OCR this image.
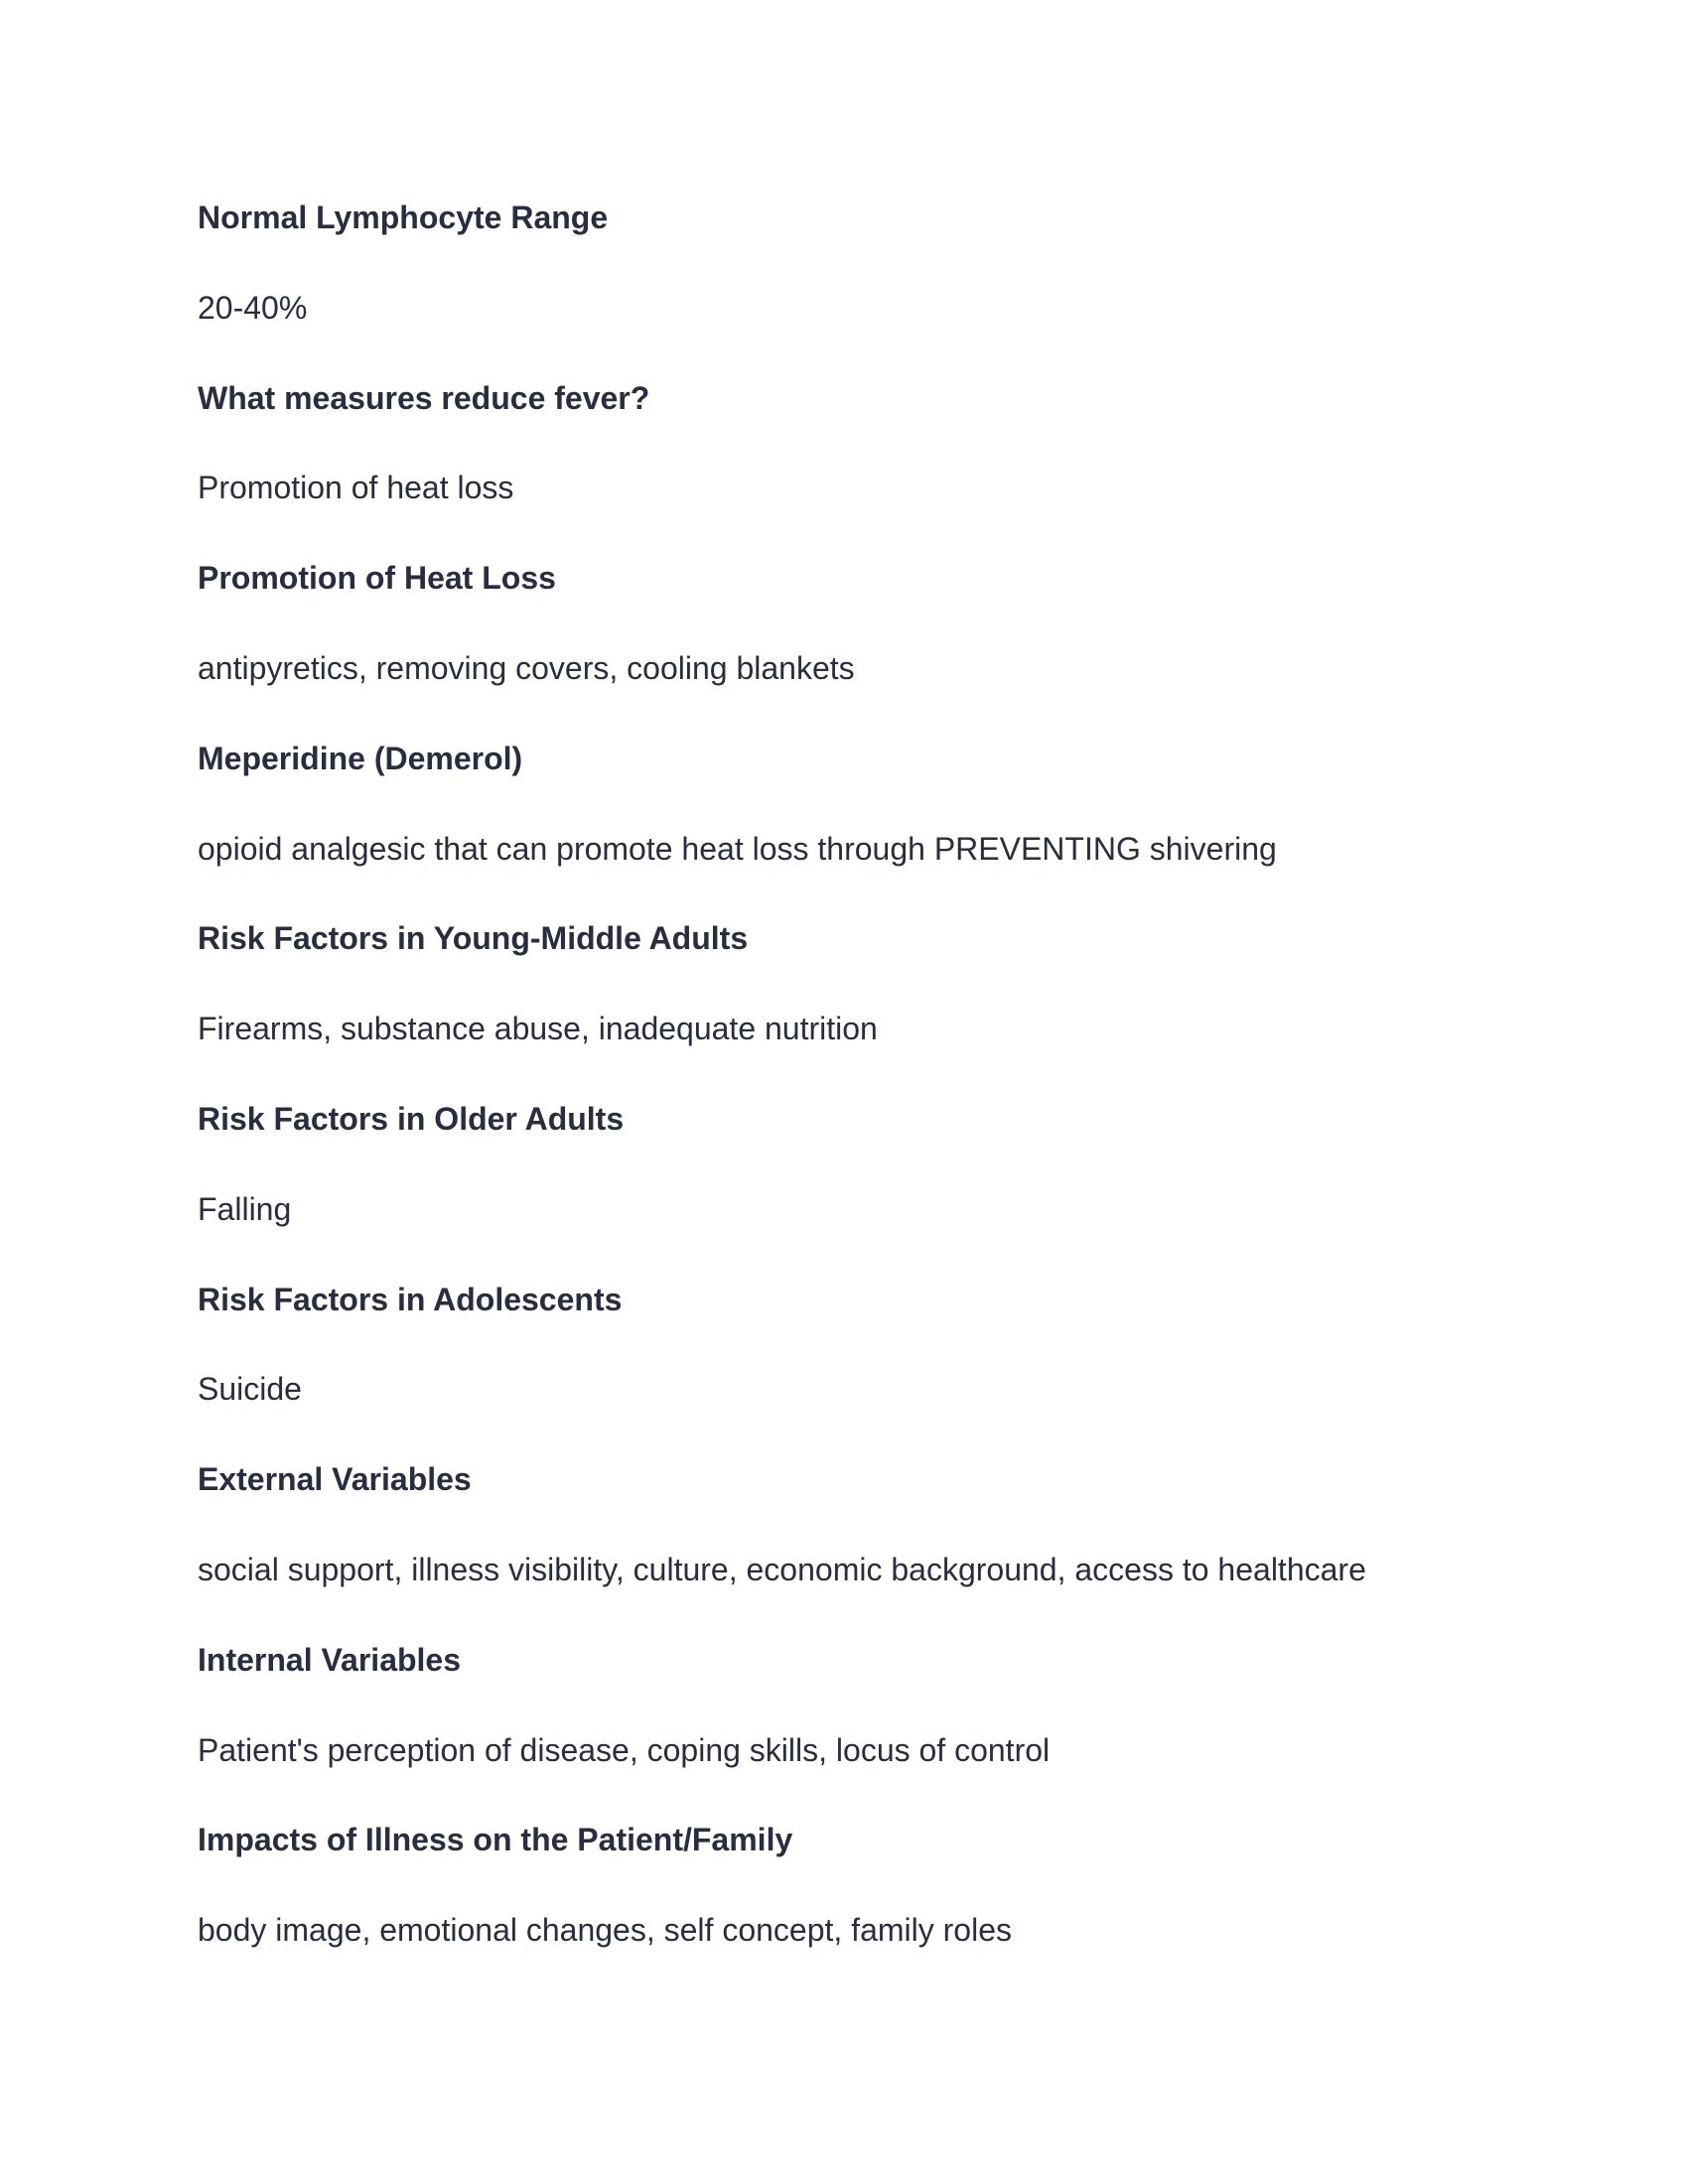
Normal Lymphocyte Range
20-40%
What measures reduce fever?
Promotion of heat loss
Promotion of Heat Loss
antipyretics, removing covers, cooling blankets
Meperidine (Demerol)
opioid analgesic that can promote heat loss through PREVENTING shivering
Risk Factors in Young-Middle Adults
Firearms, substance abuse, inadequate nutrition
Risk Factors in Older Adults
Falling
Risk Factors in Adolescents
Suicide
External Variables
social support, illness visibility, culture, economic background, access to healthcare
Internal Variables
Patient's perception of disease, coping skills, locus of control
Impacts of Illness on the Patient/Family
body image, emotional changes, self concept, family roles
